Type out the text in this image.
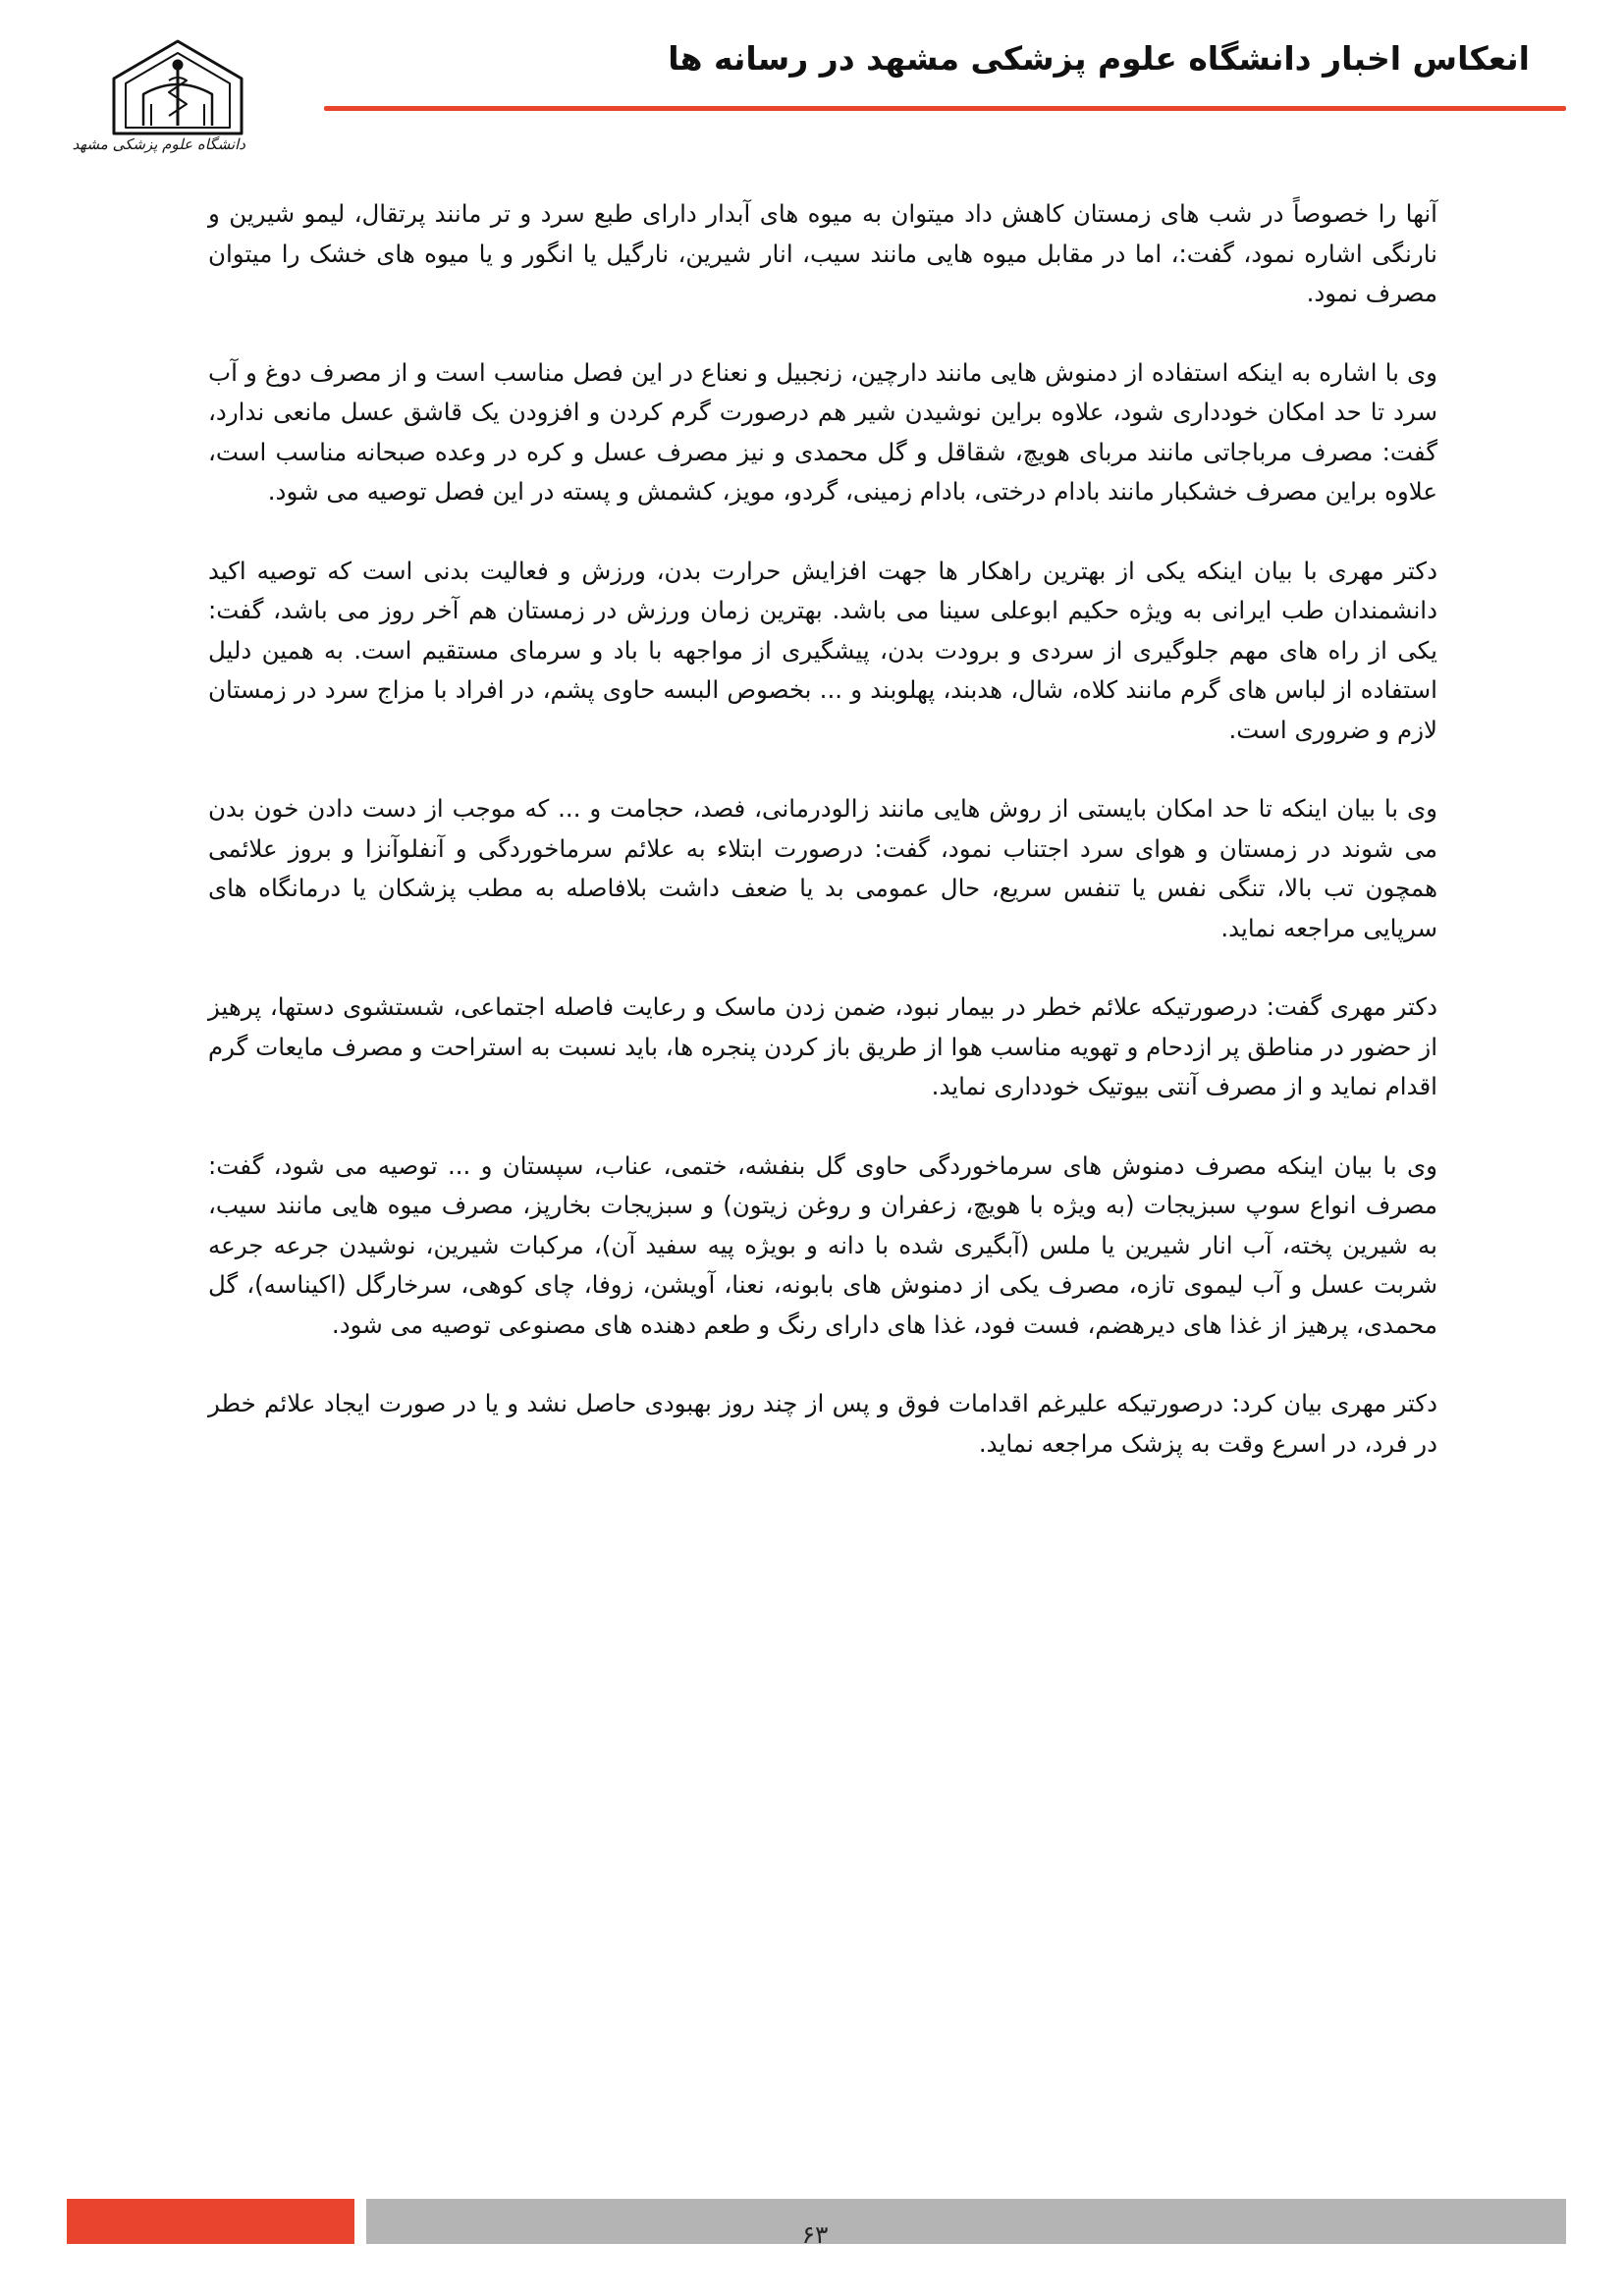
انعکاس اخبار دانشگاه علوم پزشکی مشهد در رسانه ها
دانشگاه علوم پزشکی مشهد

آنها را خصوصاً در شب های زمستان کاهش داد میتوان به میوه های آبدار دارای طبع سرد و تر مانند پرتقال، لیمو شیرین و نارنگی اشاره نمود، گفت:، اما در مقابل میوه هایی مانند سیب، انار شیرین، نارگیل یا انگور و یا میوه های خشک را میتوان مصرف نمود.

وی با اشاره به اینکه استفاده از دمنوش هایی مانند دارچین، زنجبیل و نعناع در این فصل مناسب است و از مصرف دوغ و آب سرد تا حد امکان خودداری شود، علاوه براین نوشیدن شیر هم درصورت گرم کردن و افزودن یک قاشق عسل مانعی ندارد، گفت: مصرف مرباجاتی مانند مربای هویچ، شقاقل و گل محمدی و نیز مصرف عسل و کره در وعده صبحانه مناسب است، علاوه براین مصرف خشکبار مانند بادام درختی، بادام زمینی، گردو، مویز، کشمش و پسته در این فصل توصیه می شود.

دکتر مهری با بیان اینکه یکی از بهترین راهکار ها جهت افزایش حرارت بدن، ورزش و فعالیت بدنی است که توصیه اکید دانشمندان طب ایرانی به ویژه حکیم ابوعلی سینا می باشد. بهترین زمان ورزش در زمستان هم آخر روز می باشد، گفت: یکی از راه های مهم جلوگیری از سردی و برودت بدن، پیشگیری از مواجهه با باد و سرمای مستقیم است. به همین دلیل استفاده از لباس های گرم مانند کلاه، شال، هدبند، پهلوبند و ... بخصوص البسه حاوی پشم، در افراد با مزاج سرد در زمستان لازم و ضروری است.

وی با بیان اینکه تا حد امکان بایستی از روش هایی مانند زالودرمانی، فصد، حجامت و ... که موجب از دست دادن خون بدن می شوند در زمستان و هوای سرد اجتناب نمود، گفت: درصورت ابتلاء به علائم سرماخوردگی و آنفلوآنزا و بروز علائمی همچون تب بالا، تنگی نفس یا تنفس سریع، حال عمومی بد یا ضعف داشت بلافاصله به مطب پزشکان یا درمانگاه های سرپایی مراجعه نماید.

دکتر مهری گفت: درصورتیکه علائم خطر در بیمار نبود، ضمن زدن ماسک و رعایت فاصله اجتماعی، شستشوی دستها، پرهیز از حضور در مناطق پر ازدحام و تهویه مناسب هوا از طریق باز کردن پنجره ها، باید نسبت به استراحت و مصرف مایعات گرم اقدام نماید و از مصرف آنتی بیوتیک خودداری نماید.

وی با بیان اینکه مصرف دمنوش های سرماخوردگی حاوی گل بنفشه، ختمی، عناب، سپستان و ... توصیه می شود، گفت: مصرف انواع سوپ سبزیجات (به ویژه با هویچ، زعفران و روغن زیتون) و سبزیجات بخارپز، مصرف میوه هایی مانند سیب، به شیرین پخته، آب انار شیرین یا ملس (آبگیری شده با دانه و بویژه پیه سفید آن)، مرکبات شیرین، نوشیدن جرعه جرعه شربت عسل و آب لیموی تازه، مصرف یکی از دمنوش های بابونه، نعنا، آویشن، زوفا، چای کوهی، سرخارگل (اکیناسه)، گل محمدی، پرهیز از غذا های دیرهضم، فست فود، غذا های دارای رنگ و طعم دهنده های مصنوعی توصیه می شود.

دکتر مهری بیان کرد: درصورتیکه علیرغم اقدامات فوق و پس از چند روز بهبودی حاصل نشد و یا در صورت ایجاد علائم خطر در فرد، در اسرع وقت به پزشک مراجعه نماید.

۶۳
